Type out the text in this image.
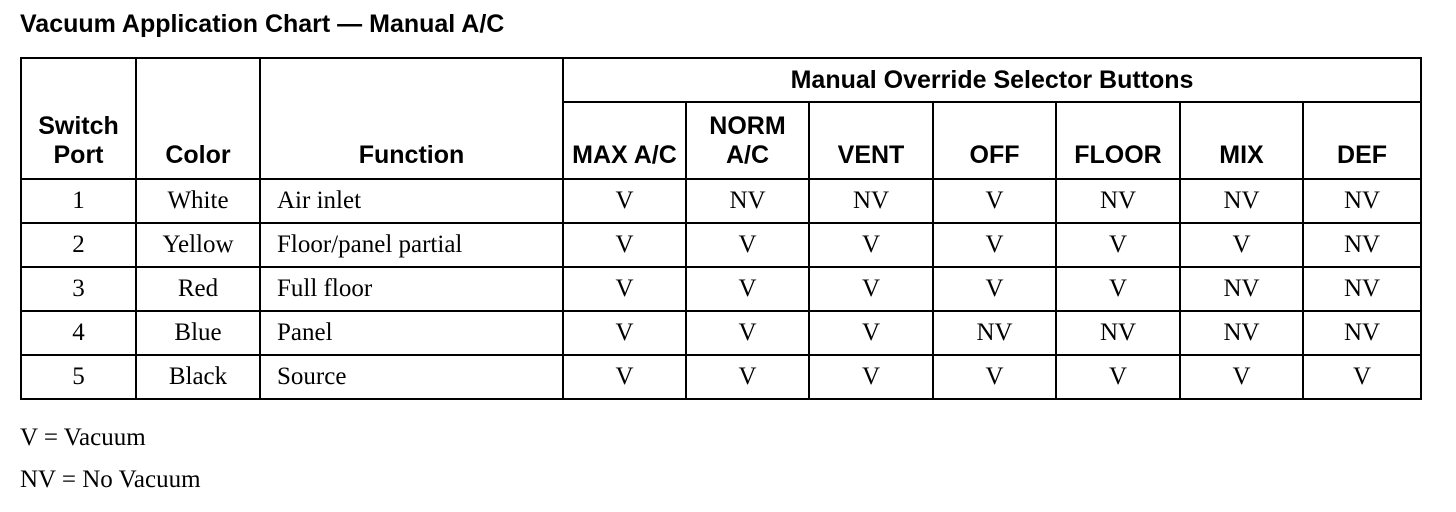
Vacuum Application Chart — Manual A/C
Switch Port	Color	Function	Manual Override Selector Buttons						
			MAX A/C	NORM A/C	VENT	OFF	FLOOR	MIX	DEF
1	White	Air inlet	V	NV	NV	V	NV	NV	NV
2	Yellow	Floor/panel partial	V	V	V	V	V	V	NV
3	Red	Full floor	V	V	V	V	V	NV	NV
4	Blue	Panel	V	V	V	NV	NV	NV	NV
5	Black	Source	V	V	V	V	V	V	V
V = Vacuum
NV = No Vacuum
